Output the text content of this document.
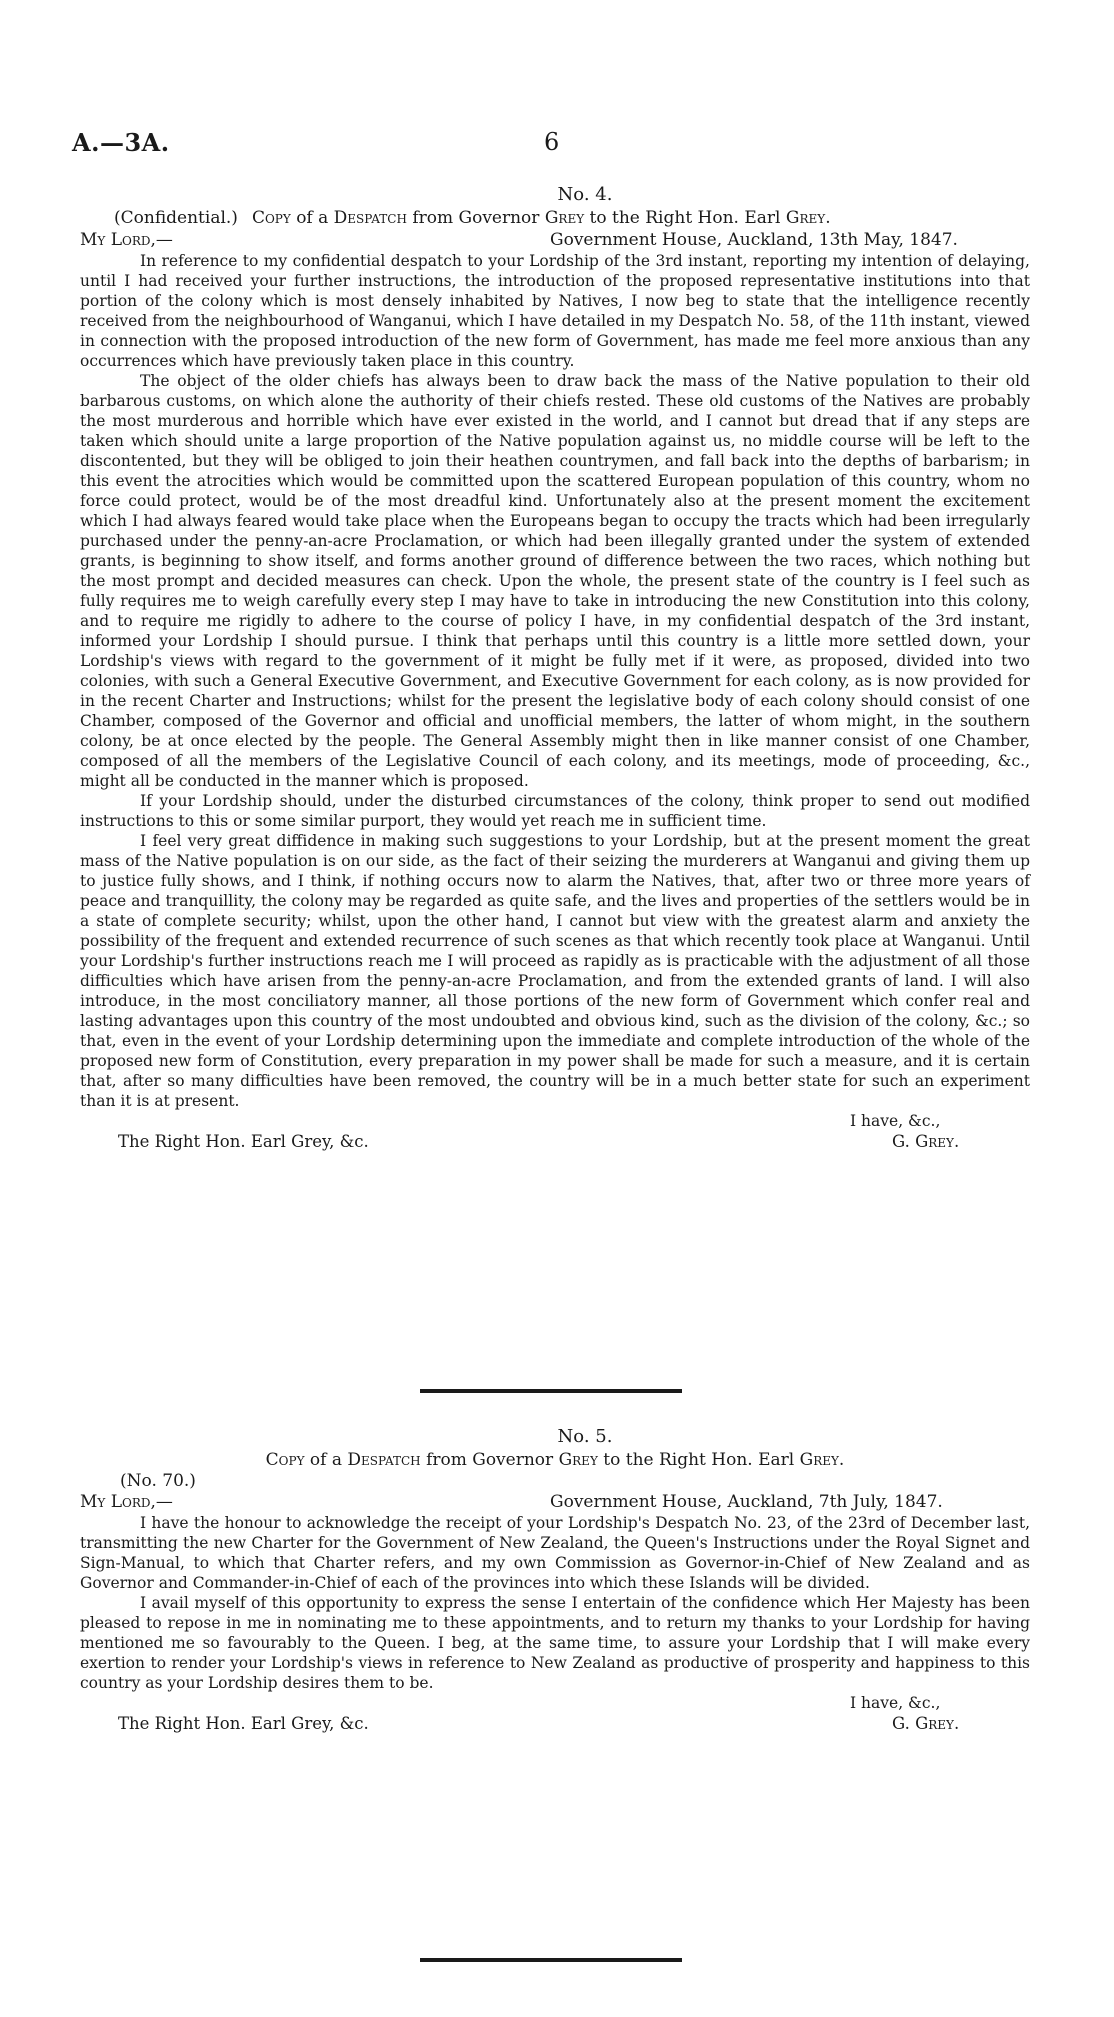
A.—3A.	6
No. 4.
(Confidential.) Copy
of a
Despatch
from Governor
Grey
to the Right Hon. Earl
Grey.
My Lord,—	Government House, Auckland, 13th May, 1847.

In reference to my confidential despatch to your Lordship of the 3rd instant, reporting my intention of delaying, until I had received your further instructions, the introduction of the proposed representative institutions into that portion of the colony which is most densely inhabited by Natives, I now beg to state that the intelligence recently received from the neighbourhood of Wanganui, which I have detailed in my Despatch No. 58, of the 11th instant, viewed in connection with the proposed introduction of the new form of Government, has made me feel more anxious than any occurrences which have previously taken place in this country.

The object of the older chiefs has always been to draw back the mass of the Native population to their old barbarous customs, on which alone the authority of their chiefs rested. These old customs of the Natives are probably the most murderous and horrible which have ever existed in the world, and I cannot but dread that if any steps are taken which should unite a large proportion of the Native population against us, no middle course will be left to the discontented, but they will be obliged to join their heathen countrymen, and fall back into the depths of barbarism; in this event the atrocities which would be committed upon the scattered European population of this country, whom no force could protect, would be of the most dreadful kind. Unfortunately also at the present moment the excitement which I had always feared would take place when the Europeans began to occupy the tracts which had been irregularly purchased under the penny-an-acre Proclamation, or which had been illegally granted under the system of extended grants, is beginning to show itself, and forms another ground of difference between the two races, which nothing but the most prompt and decided measures can check. Upon the whole, the present state of the country is I feel such as fully requires me to weigh carefully every step I may have to take in introducing the new Constitution into this colony, and to require me rigidly to adhere to the course of policy I have, in my confidential despatch of the 3rd instant, informed your Lordship I should pursue. I think that perhaps until this country is a little more settled down, your Lordship's views with regard to the government of it might be fully met if it were, as proposed, divided into two colonies, with such a General Executive Government, and Executive Government for each colony, as is now provided for in the recent Charter and Instructions; whilst for the present the legislative body of each colony should consist of one Chamber, composed of the Governor and official and unofficial members, the latter of whom might, in the southern colony, be at once elected by the people. The General Assembly might then in like manner consist of one Chamber, composed of all the members of the Legislative Council of each colony, and its meetings, mode of proceeding, &c., might all be conducted in the manner which is proposed.

If your Lordship should, under the disturbed circumstances of the colony, think proper to send out modified instructions to this or some similar purport, they would yet reach me in sufficient time.

I feel very great diffidence in making such suggestions to your Lordship, but at the present moment the great mass of the Native population is on our side, as the fact of their seizing the murderers at Wanganui and giving them up to justice fully shows, and I think, if nothing occurs now to alarm the Natives, that, after two or three more years of peace and tranquillity, the colony may be regarded as quite safe, and the lives and properties of the settlers would be in a state of complete security; whilst, upon the other hand, I cannot but view with the greatest alarm and anxiety the possibility of the frequent and extended recurrence of such scenes as that which recently took place at Wanganui. Until your Lordship's further instructions reach me I will proceed as rapidly as is practicable with the adjustment of all those difficulties which have arisen from the penny-an-acre Proclamation, and from the extended grants of land. I will also introduce, in the most conciliatory manner, all those portions of the new form of Government which confer real and lasting advantages upon this country of the most undoubted and obvious kind, such as the division of the colony, &c.; so that, even in the event of your Lordship determining upon the immediate and complete introduction of the whole of the proposed new form of Constitution, every preparation in my power shall be made for such a measure, and it is certain that, after so many difficulties have been removed, the country will be in a much better state for such an experiment than it is at present.

I have, &c.,
The Right Hon. Earl Grey, &c.	G. Grey.
No. 5.
Copy
of a
Despatch
from Governor
Grey
to the Right Hon. Earl
Grey.
(No. 70.)
My Lord,—	Government House, Auckland, 7th July, 1847.

I have the honour to acknowledge the receipt of your Lordship's Despatch No. 23, of the 23rd of December last, transmitting the new Charter for the Government of New Zealand, the Queen's Instructions under the Royal Signet and Sign-Manual, to which that Charter refers, and my own Commission as Governor-in-Chief of New Zealand and as Governor and Commander-in-Chief of each of the provinces into which these Islands will be divided.

I avail myself of this opportunity to express the sense I entertain of the confidence which Her Majesty has been pleased to repose in me in nominating me to these appointments, and to return my thanks to your Lordship for having mentioned me so favourably to the Queen. I beg, at the same time, to assure your Lordship that I will make every exertion to render your Lordship's views in reference to New Zealand as productive of prosperity and happiness to this country as your Lordship desires them to be.

I have, &c.,
The Right Hon. Earl Grey, &c.	G. Grey.
